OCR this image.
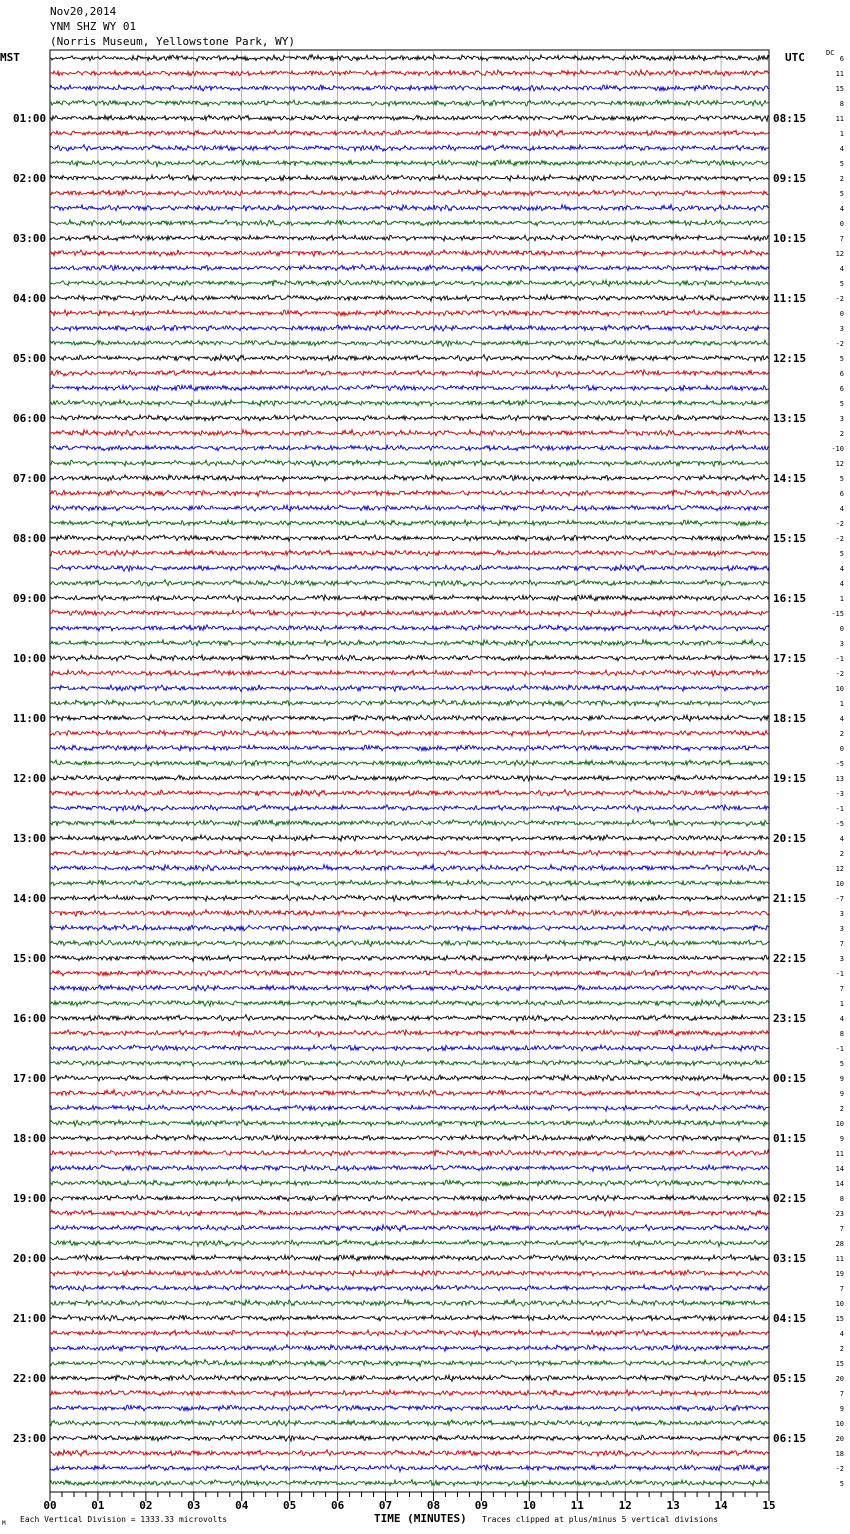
Nov20,2014
YNM SHZ WY 01
(Norris Museum, Yellowstone Park, WY)
MST	UTC	DC
6
11
15
8
11
1
4
5
2
5
4
0
7
12
4
5
-2
0
3
-2
5
6
6
5
3
2
-10
12
5
6
4
-2
-2
5
4
4
1
-15
0
3
-1
-2
10
1
4
2
0
-5
13
-3
-1
-5
4
2
12
10
-7
3
3
7
3
-1
7
1
4
8
-1
5
9
9
2
10
9
11
14
14
8
23
7
28
11
19
7
10
15
4
2
15
20
7
9
10
20
18
-2
5
01:00	08:15
02:00	09:15
03:00	10:15
04:00	11:15
05:00	12:15
06:00	13:15
07:00	14:15
08:00	15:15
09:00	16:15
10:00	17:15
11:00	18:15
12:00	19:15
13:00	20:15
14:00	21:15
15:00	22:15
16:00	23:15
17:00	00:15
18:00	01:15
19:00	02:15
20:00	03:15
21:00	04:15
22:00	05:15
23:00	06:15
00	01	02	03	04	05	06	07	08	09	10	11	12	13	14	15
M Each Vertical Division = 1333.33 microvolts	TIME (MINUTES) Traces clipped at plus/minus 5 vertical divisions
